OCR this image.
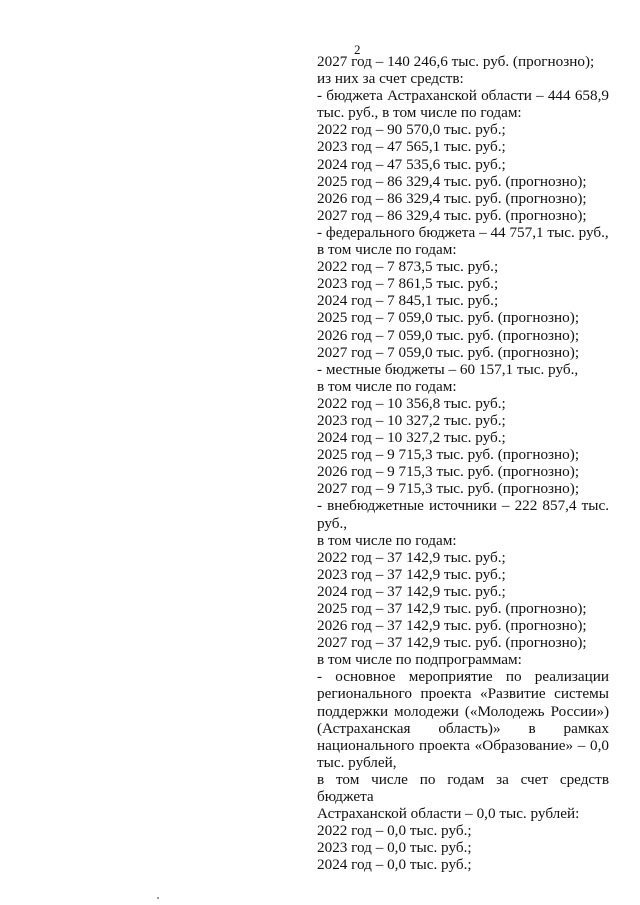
2
2027 год – 140 246,6 тыс. руб. (прогнозно);
из них за счет средств:
- бюджета Астраханской области – 444 658,9
тыс. руб., в том числе по годам:
2022 год – 90 570,0 тыс. руб.;
2023 год – 47 565,1 тыс. руб.;
2024 год – 47 535,6 тыс. руб.;
2025 год – 86 329,4 тыс. руб. (прогнозно);
2026 год – 86 329,4 тыс. руб. (прогнозно);
2027 год – 86 329,4 тыс. руб. (прогнозно);
- федерального бюджета – 44 757,1 тыс. руб.,
в том числе по годам:
2022 год – 7 873,5 тыс. руб.;
2023 год – 7 861,5 тыс. руб.;
2024 год – 7 845,1 тыс. руб.;
2025 год – 7 059,0 тыс. руб. (прогнозно);
2026 год – 7 059,0 тыс. руб. (прогнозно);
2027 год – 7 059,0 тыс. руб. (прогнозно);
- местные бюджеты – 60 157,1 тыс. руб.,
в том числе по годам:
2022 год – 10 356,8 тыс. руб.;
2023 год – 10 327,2 тыс. руб.;
2024 год – 10 327,2 тыс. руб.;
2025 год – 9 715,3 тыс. руб. (прогнозно);
2026 год – 9 715,3 тыс. руб. (прогнозно);
2027 год – 9 715,3 тыс. руб. (прогнозно);
- внебюджетные источники – 222 857,4 тыс.
руб.,
в том числе по годам:
2022 год – 37 142,9 тыс. руб.;
2023 год – 37 142,9 тыс. руб.;
2024 год – 37 142,9 тыс. руб.;
2025 год – 37 142,9 тыс. руб. (прогнозно);
2026 год – 37 142,9 тыс. руб. (прогнозно);
2027 год – 37 142,9 тыс. руб. (прогнозно);
в том числе по подпрограммам:
- основное мероприятие по реализации
регионального проекта «Развитие системы
поддержки молодежи («Молодежь России»)
(Астраханская область)» в рамках
национального проекта «Образование» – 0,0
тыс. рублей,
в том числе по годам за счет средств бюджета
Астраханской области – 0,0 тыс. рублей:
2022 год – 0,0 тыс. руб.;
2023 год – 0,0 тыс. руб.;
2024 год – 0,0 тыс. руб.;
